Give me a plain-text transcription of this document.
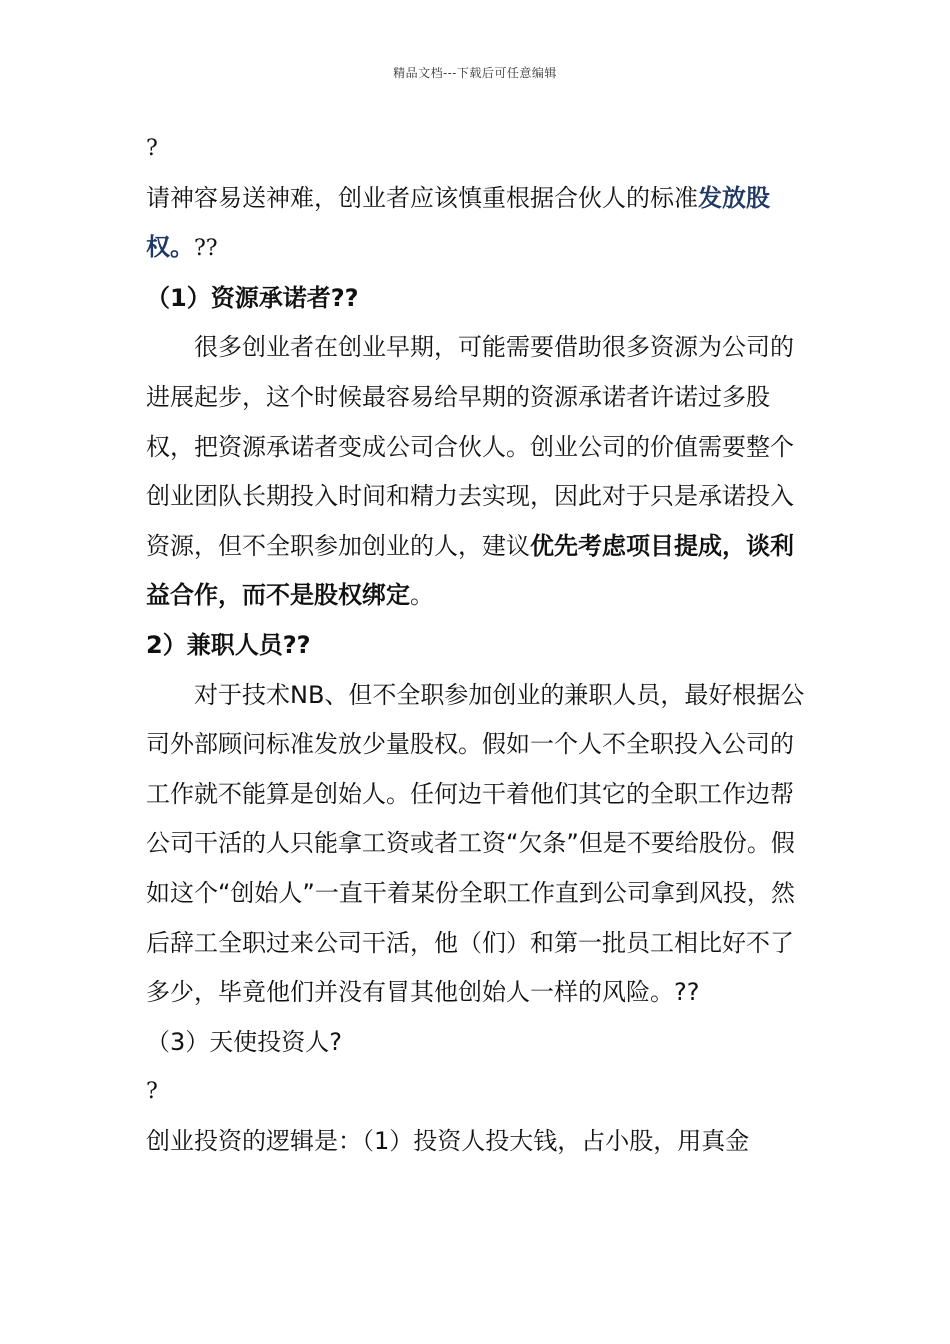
精品文档---下载后可任意编辑

?

请神容易送神难，创业者应该慎重根据合伙人的标准发放股权。??

（1）资源承诺者??

很多创业者在创业早期，可能需要借助很多资源为公司的进展起步，这个时候最容易给早期的资源承诺者许诺过多股权，把资源承诺者变成公司合伙人。创业公司的价值需要整个创业团队长期投入时间和精力去实现，因此对于只是承诺投入资源，但不全职参加创业的人，建议优先考虑项目提成，谈利益合作，而不是股权绑定。

2）兼职人员??

对于技术NB、但不全职参加创业的兼职人员，最好根据公司外部顾问标准发放少量股权。假如一个人不全职投入公司的工作就不能算是创始人。任何边干着他们其它的全职工作边帮公司干活的人只能拿工资或者工资“欠条”但是不要给股份。假如这个“创始人”一直干着某份全职工作直到公司拿到风投，然后辞工全职过来公司干活，他（们）和第一批员工相比好不了多少，毕竟他们并没有冒其他创始人一样的风险。??

（3）天使投资人?

?

创业投资的逻辑是：（1）投资人投大钱，占小股，用真金
